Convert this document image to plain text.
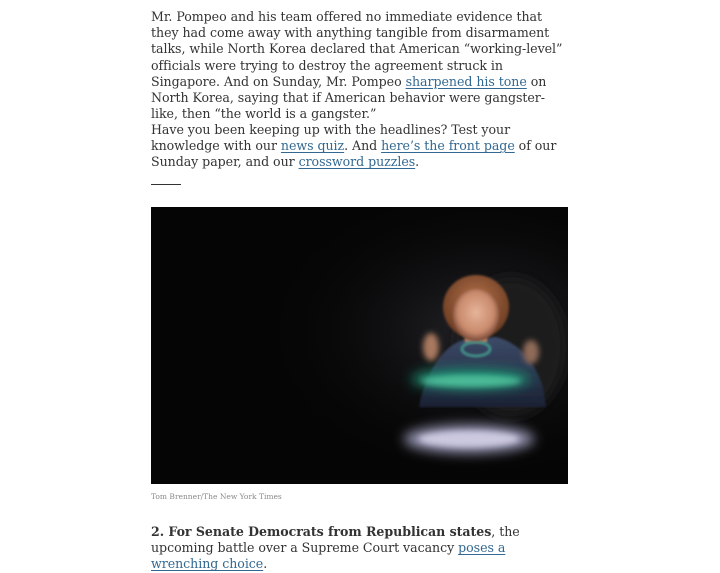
Mr. Pompeo and his team offered no immediate evidence that they had come away with anything tangible from disarmament talks, while North Korea declared that American “working-level” officials were trying to destroy the agreement struck in Singapore. And on Sunday, Mr. Pompeo sharpened his tone on North Korea, saying that if American behavior were gangster-like, then “the world is a gangster.”

Have you been keeping up with the headlines? Test your knowledge with our news quiz. And here’s the front page of our Sunday paper, and our crossword puzzles.

Tom Brenner/The New York Times

2. For Senate Democrats from Republican states, the upcoming battle over a Supreme Court vacancy poses a wrenching choice.
